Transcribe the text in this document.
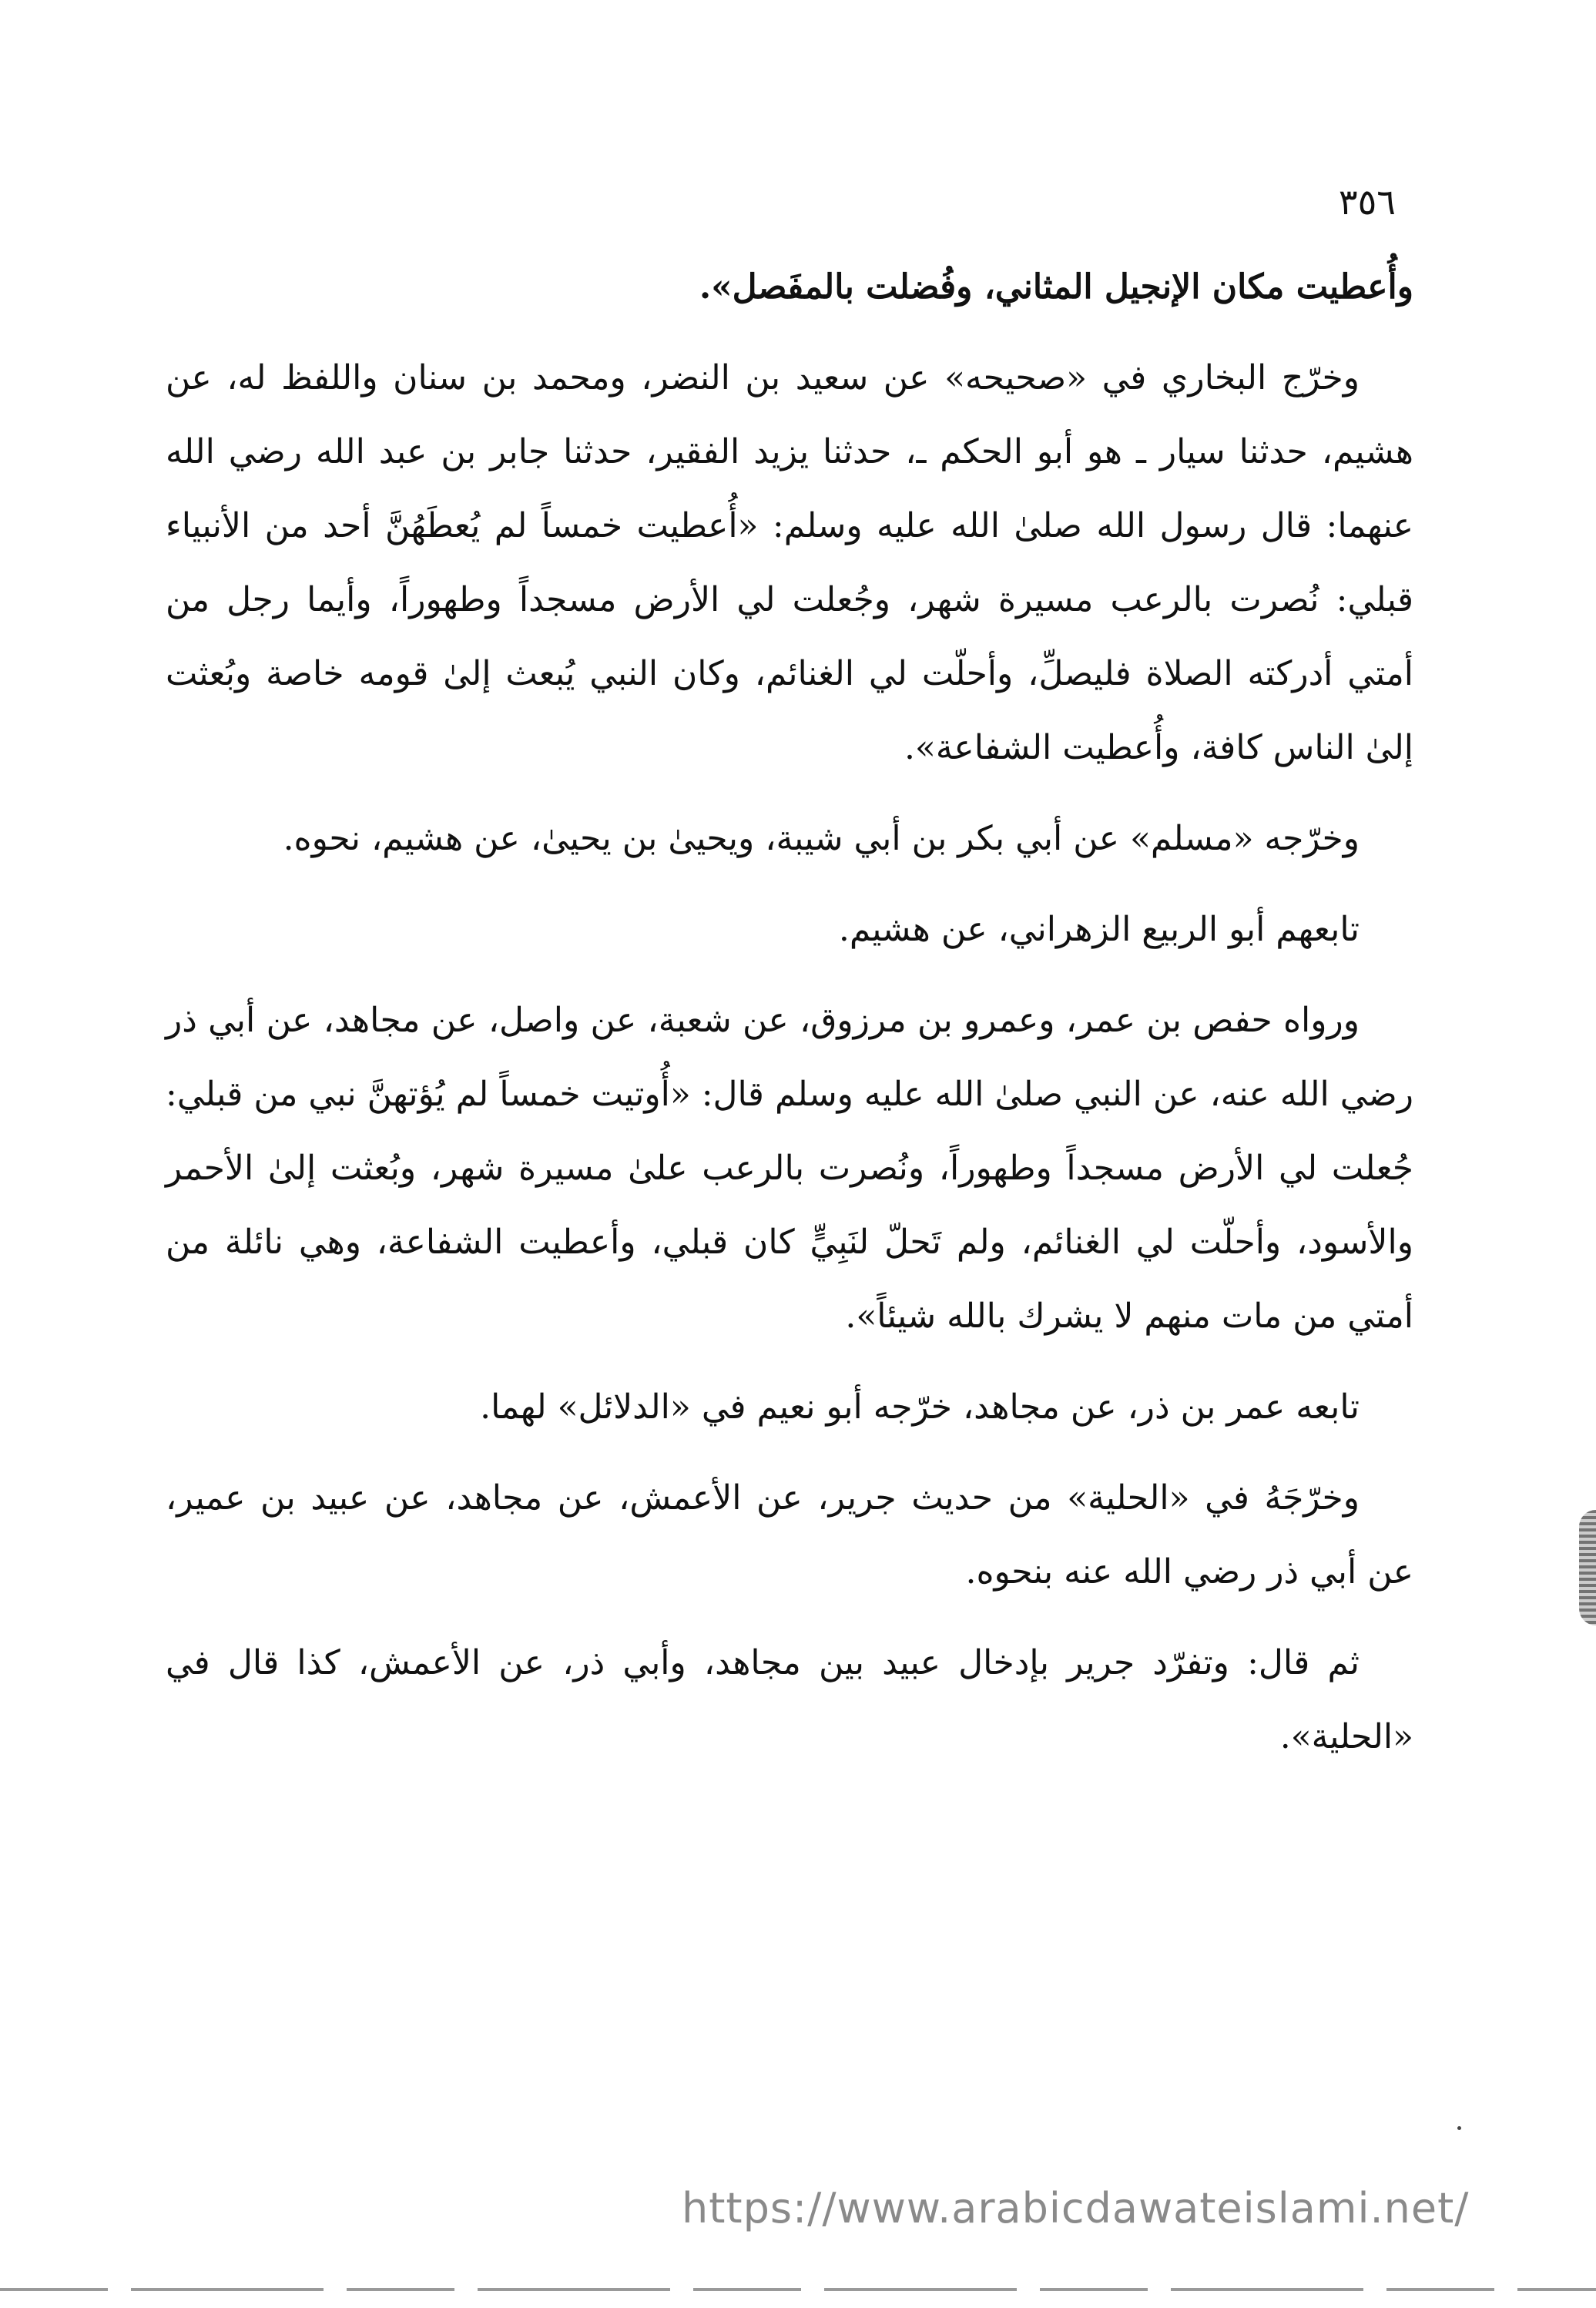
٣٥٦

وأُعطيت مكان الإنجيل المثاني، وفُضلت بالمفَصل».

وخرّج البخاري في «صحيحه» عن سعيد بن النضر، ومحمد بن سنان واللفظ له، عن هشيم، حدثنا سيار ـ هو أبو الحكم ـ، حدثنا يزيد الفقير، حدثنا جابر بن عبد الله رضي الله عنهما: قال رسول الله صلىٰ الله عليه وسلم: «أُعطيت خمساً لم يُعطَهُنَّ أحد من الأنبياء قبلي: نُصرت بالرعب مسيرة شهر، وجُعلت لي الأرض مسجداً وطهوراً، وأيما رجل من أمتي أدركته الصلاة فليصلِّ، وأحلّت لي الغنائم، وكان النبي يُبعث إلىٰ قومه خاصة وبُعثت إلىٰ الناس كافة، وأُعطيت الشفاعة».

وخرّجه «مسلم» عن أبي بكر بن أبي شيبة، ويحيىٰ بن يحيىٰ، عن هشيم، نحوه.

تابعهم أبو الربيع الزهراني، عن هشيم.

ورواه حفص بن عمر، وعمرو بن مرزوق، عن شعبة، عن واصل، عن مجاهد، عن أبي ذر رضي الله عنه، عن النبي صلىٰ الله عليه وسلم قال: «أُوتيت خمساً لم يُؤتهنَّ نبي من قبلي: جُعلت لي الأرض مسجداً وطهوراً، ونُصرت بالرعب علىٰ مسيرة شهر، وبُعثت إلىٰ الأحمر والأسود، وأحلّت لي الغنائم، ولم تَحلّ لنَبِيٍّ كان قبلي، وأعطيت الشفاعة، وهي نائلة من أمتي من مات منهم لا يشرك بالله شيئاً».

تابعه عمر بن ذر، عن مجاهد، خرّجه أبو نعيم في «الدلائل» لهما.

وخرّجَهُ في «الحلية» من حديث جرير، عن الأعمش، عن مجاهد، عن عبيد بن عمير، عن أبي ذر رضي الله عنه بنحوه.

ثم قال: وتفرّد جرير بإدخال عبيد بين مجاهد، وأبي ذر، عن الأعمش، كذا قال في «الحلية».

https://www.arabicdawateislami.net/
